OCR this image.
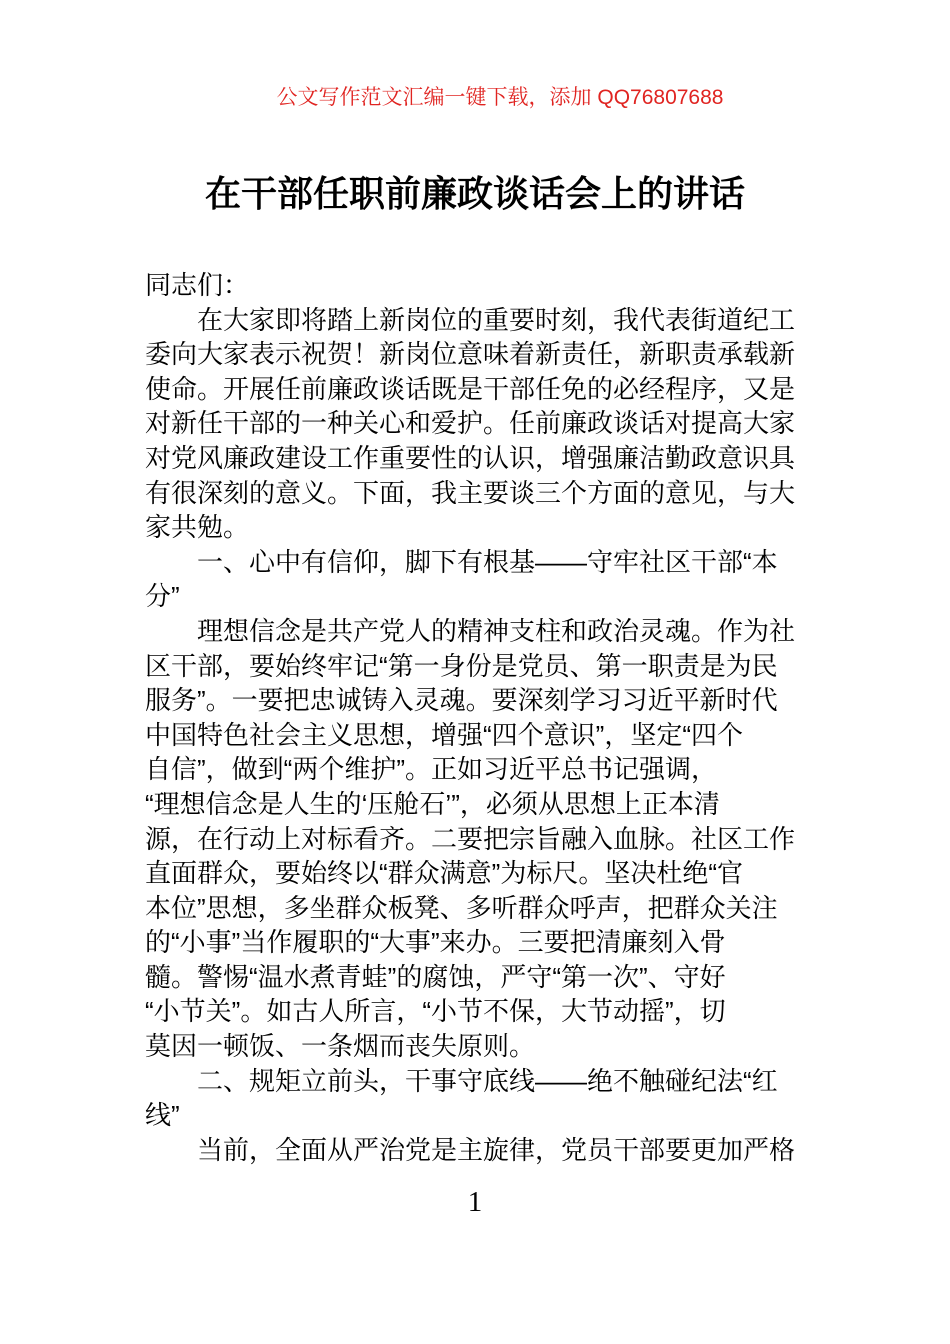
公文写作范文汇编一键下载，添加 QQ76807688
在干部任职前廉政谈话会上的讲话
同志们：
在大家即将踏上新岗位的重要时刻，我代表街道纪工
委向大家表示祝贺！新岗位意味着新责任，新职责承载新
使命。开展任前廉政谈话既是干部任免的必经程序，又是
对新任干部的一种关心和爱护。任前廉政谈话对提高大家
对党风廉政建设工作重要性的认识，增强廉洁勤政意识具
有很深刻的意义。下面，我主要谈三个方面的意见，与大
家共勉。
一、心中有信仰，脚下有根基——守牢社区干部“本
分”
理想信念是共产党人的精神支柱和政治灵魂。作为社
区干部，要始终牢记“第一身份是党员、第一职责是为民
服务”。一要把忠诚铸入灵魂。要深刻学习习近平新时代
中国特色社会主义思想，增强“四个意识”，坚定“四个
自信”，做到“两个维护”。正如习近平总书记强调，
“理想信念是人生的‘压舱石’”，必须从思想上正本清
源，在行动上对标看齐。二要把宗旨融入血脉。社区工作
直面群众，要始终以“群众满意”为标尺。坚决杜绝“官
本位”思想，多坐群众板凳、多听群众呼声，把群众关注
的“小事”当作履职的“大事”来办。三要把清廉刻入骨
髓。警惕“温水煮青蛙”的腐蚀，严守“第一次”、守好
“小节关”。如古人所言，“小节不保，大节动摇”，切
莫因一顿饭、一条烟而丧失原则。
二、规矩立前头，干事守底线——绝不触碰纪法“红
线”
当前，全面从严治党是主旋律，党员干部要更加严格
1
